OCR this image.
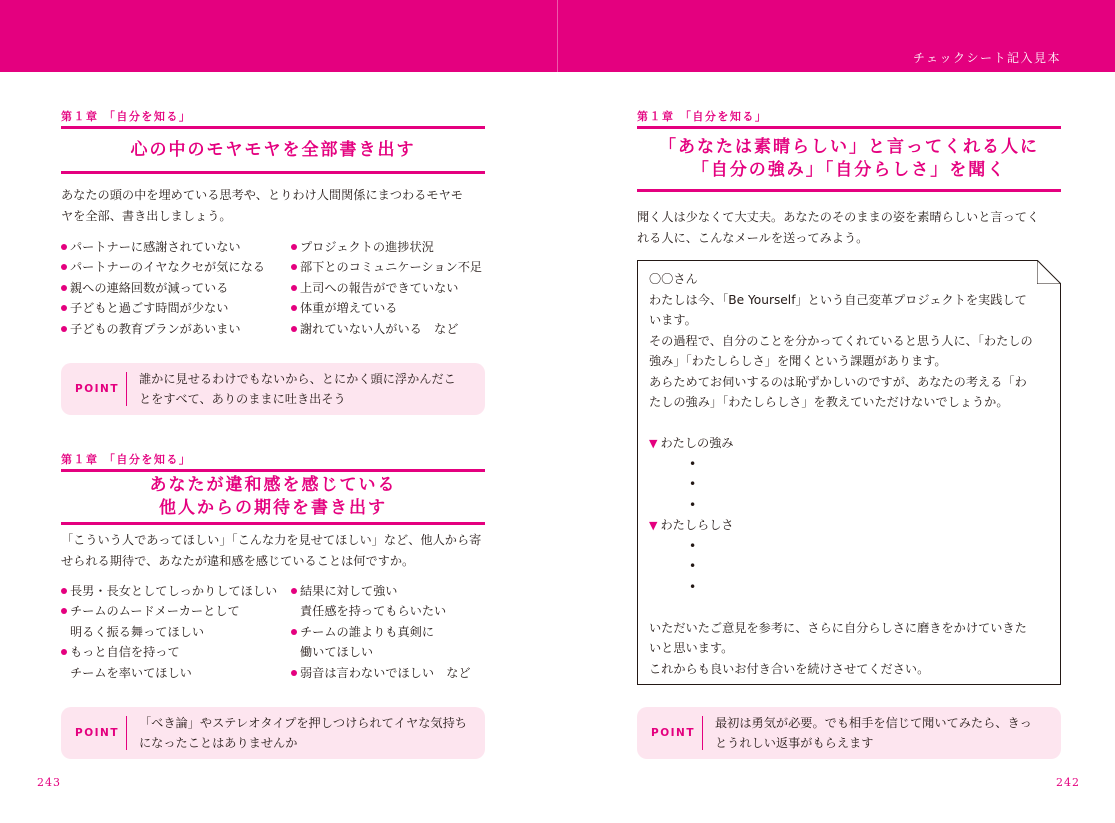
チェックシート記入見本
第１章 「自分を知る」
心の中のモヤモヤを全部書き出す
あなたの頭の中を埋めている思考や、とりわけ人間関係にまつわるモヤモ
ヤを全部、書き出しましょう。
パートナーに感謝されていない
パートナーのイヤなクセが気になる
親への連絡回数が減っている
子どもと過ごす時間が少ない
子どもの教育プランがあいまい
プロジェクトの進捗状況
部下とのコミュニケーション不足
上司への報告ができていない
体重が増えている
謝れていない人がいる　など
POINT
誰かに見せるわけでもないから、とにかく頭に浮かんだこ
とをすべて、ありのままに吐き出そう
第１章 「自分を知る」
あなたが違和感を感じている
他人からの期待を書き出す
「こういう人であってほしい」「こんな力を見せてほしい」など、他人から寄
せられる期待で、あなたが違和感を感じていることは何ですか。
長男・長女としてしっかりしてほしい
チームのムードメーカーとして
明るく振る舞ってほしい
もっと自信を持って
チームを率いてほしい
結果に対して強い
責任感を持ってもらいたい
チームの誰よりも真剣に
働いてほしい
弱音は言わないでほしい　など
POINT
「べき論」やステレオタイプを押しつけられてイヤな気持ち
になったことはありませんか
243
第１章 「自分を知る」
「あなたは素晴らしい」と言ってくれる人に
「自分の強み」「自分らしさ」を聞く
聞く人は少なくて大丈夫。あなたのそのままの姿を素晴らしいと言ってく
れる人に、こんなメールを送ってみよう。
〇〇さん
わたしは今、「Be Yourself」という自己変革プロジェクトを実践して
います。
その過程で、自分のことを分かってくれていると思う人に、「わたしの
強み」「わたしらしさ」を聞くという課題があります。
あらためてお伺いするのは恥ずかしいのですが、あなたの考える「わ
たしの強み」「わたしらしさ」を教えていただけないでしょうか。
▼ わたしの強み
•
•
•
▼ わたしらしさ
•
•
•
いただいたご意見を参考に、さらに自分らしさに磨きをかけていきた
いと思います。
これからも良いお付き合いを続けさせてください。
POINT
最初は勇気が必要。でも相手を信じて聞いてみたら、きっ
とうれしい返事がもらえます
242
